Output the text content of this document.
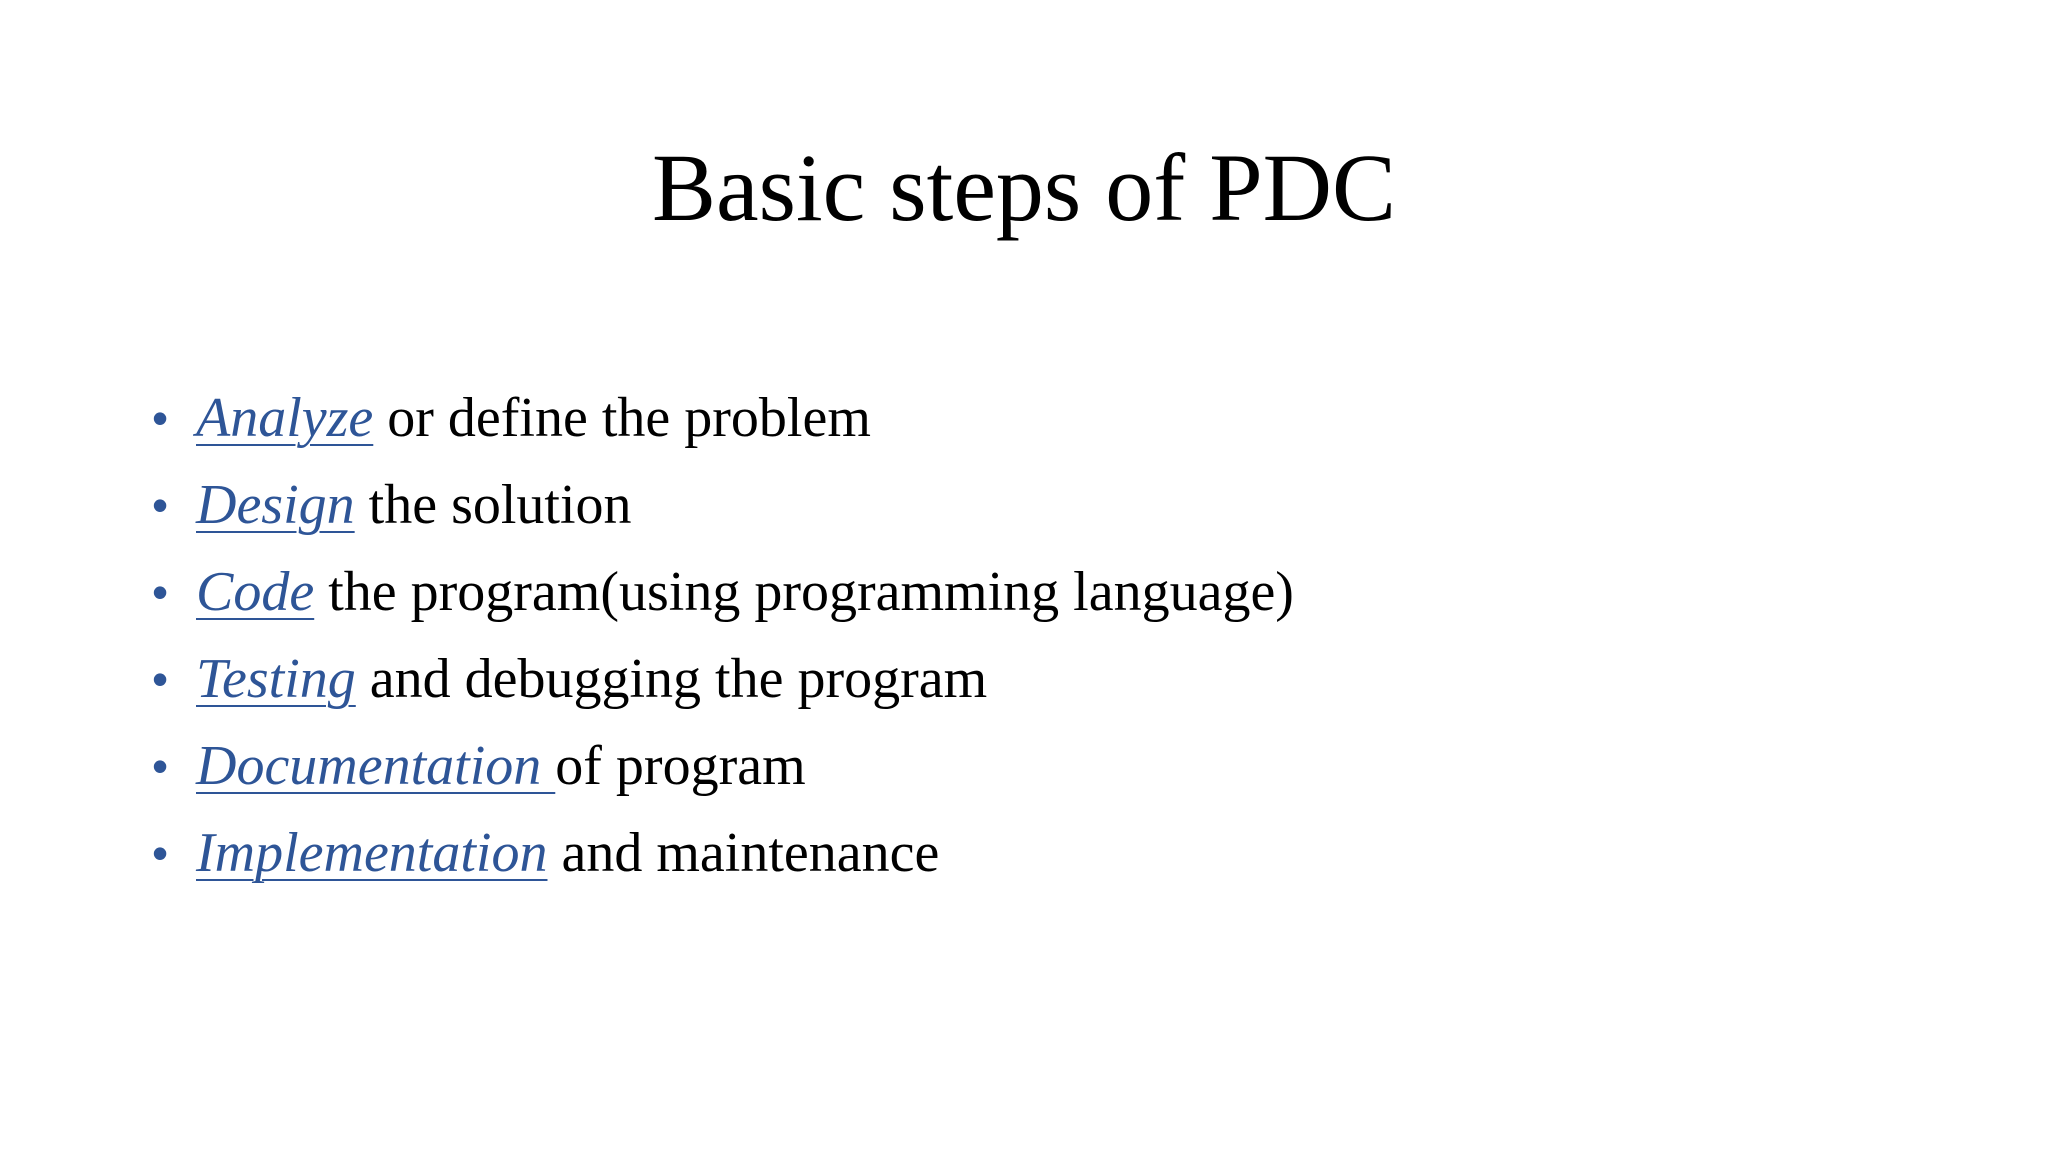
Basic steps of PDC
• Analyze or define the problem
• Design the solution
• Code the program(using programming language)
• Testing and debugging the program
• Documentation of program
• Implementation and maintenance
